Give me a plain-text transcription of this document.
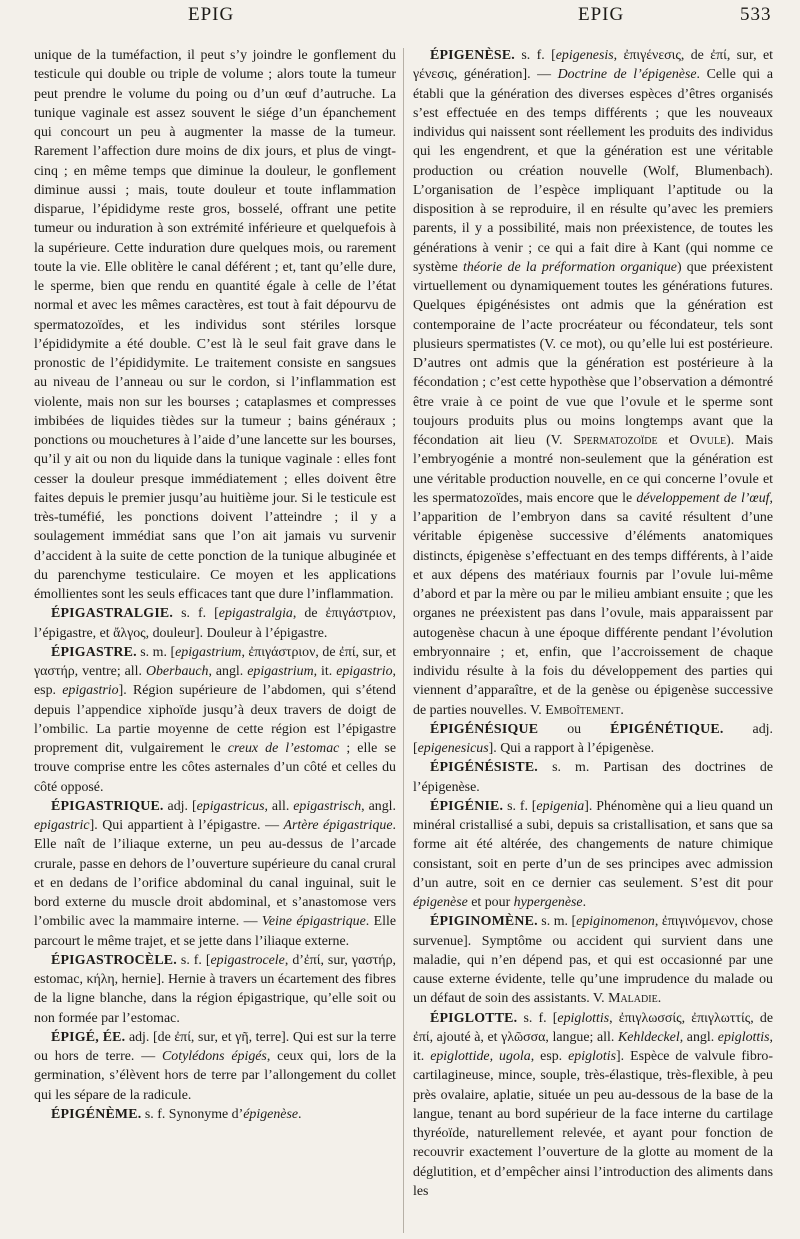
EPIG	EPIG	533

unique de la tuméfaction, il peut s’y joindre le gonflement du testicule qui double ou triple de volume ; alors toute la tumeur peut prendre le volume du poing ou d’un œuf d’autruche. La tunique vaginale est assez souvent le siége d’un épanchement qui concourt un peu à augmenter la masse de la tumeur. Rarement l’affection dure moins de dix jours, et plus de vingt-cinq ; en même temps que diminue la douleur, le gonflement diminue aussi ; mais, toute douleur et toute inflammation disparue, l’épididyme reste gros, bosselé, offrant une petite tumeur ou induration à son extrémité inférieure et quelquefois à la supérieure. Cette induration dure quelques mois, ou rarement toute la vie. Elle oblitère le canal déférent ; et, tant qu’elle dure, le sperme, bien que rendu en quantité égale à celle de l’état normal et avec les mêmes caractères, est tout à fait dépourvu de spermatozoïdes, et les individus sont stériles lorsque l’épididymite a été double. C’est là le seul fait grave dans le pronostic de l’épididymite. Le traitement consiste en sangsues au niveau de l’anneau ou sur le cordon, si l’inflammation est violente, mais non sur les bourses ; cataplasmes et compresses imbibées de liquides tièdes sur la tumeur ; bains généraux ; ponctions ou mouchetures à l’aide d’une lancette sur les bourses, qu’il y ait ou non du liquide dans la tunique vaginale : elles font cesser la douleur presque immédiatement ; elles doivent être faites depuis le premier jusqu’au huitième jour. Si le testicule est très-tuméfié, les ponctions doivent l’atteindre ; il y a soulagement immédiat sans que l’on ait jamais vu survenir d’accident à la suite de cette ponction de la tunique albuginée et du parenchyme testiculaire. Ce moyen et les applications émollientes sont les seuls efficaces tant que dure l’inflammation.

ÉPIGASTRALGIE. s. f. [epigastralgia, de ἐπιγάστριον, l’épigastre, et ἄλγος, douleur]. Douleur à l’épigastre.

ÉPIGASTRE. s. m. [epigastrium, ἐπιγάστριον, de ἐπί, sur, et γαστήρ, ventre; all. Oberbauch, angl. epigastrium, it. epigastrio, esp. epigastrio]. Région supérieure de l’abdomen, qui s’étend depuis l’appendice xiphoïde jusqu’à deux travers de doigt de l’ombilic. La partie moyenne de cette région est l’épigastre proprement dit, vulgairement le creux de l’estomac ; elle se trouve comprise entre les côtes asternales d’un côté et celles du côté opposé.

ÉPIGASTRIQUE. adj. [epigastricus, all. epigastrisch, angl. epigastric]. Qui appartient à l’épigastre. — Artère épigastrique. Elle naît de l’iliaque externe, un peu au-dessus de l’arcade crurale, passe en dehors de l’ouverture supérieure du canal crural et en dedans de l’orifice abdominal du canal inguinal, suit le bord externe du muscle droit abdominal, et s’anastomose vers l’ombilic avec la mammaire interne. — Veine épigastrique. Elle parcourt le même trajet, et se jette dans l’iliaque externe.

ÉPIGASTROCÈLE. s. f. [epigastrocele, d’ἐπί, sur, γαστήρ, estomac, κήλη, hernie]. Hernie à travers un écartement des fibres de la ligne blanche, dans la région épigastrique, qu’elle soit ou non formée par l’estomac.

ÉPIGÉ, ÉE. adj. [de ἐπί, sur, et γῆ, terre]. Qui est sur la terre ou hors de terre. — Cotylédons épigés, ceux qui, lors de la germination, s’élèvent hors de terre par l’allongement du collet qui les sépare de la radicule.

ÉPIGÉNÈME. s. f. Synonyme d’épigenèse.

ÉPIGENÈSE. s. f. [epigenesis, ἐπιγένεσις, de ἐπί, sur, et γένεσις, génération]. — Doctrine de l’épigenèse. Celle qui a établi que la génération des diverses espèces d’êtres organisés s’est effectuée en des temps différents ; que les nouveaux individus qui naissent sont réellement les produits des individus qui les engendrent, et que la génération est une véritable production ou création nouvelle (Wolf, Blumenbach). L’organisation de l’espèce impliquant l’aptitude ou la disposition à se reproduire, il en résulte qu’avec les premiers parents, il y a possibilité, mais non préexistence, de toutes les générations à venir ; ce qui a fait dire à Kant (qui nomme ce système théorie de la préformation organique) que préexistent virtuellement ou dynamiquement toutes les générations futures. Quelques épigénésistes ont admis que la génération est contemporaine de l’acte procréateur ou fécondateur, tels sont plusieurs spermatistes (V. ce mot), ou qu’elle lui est postérieure. D’autres ont admis que la génération est postérieure à la fécondation ; c’est cette hypothèse que l’observation a démontré être vraie à ce point de vue que l’ovule et le sperme sont toujours produits plus ou moins longtemps avant que la fécondation ait lieu (V. Spermatozoïde et Ovule). Mais l’embryogénie a montré non-seulement que la génération est une véritable production nouvelle, en ce qui concerne l’ovule et les spermatozoïdes, mais encore que le développement de l’œuf, l’apparition de l’embryon dans sa cavité résultent d’une véritable épigenèse successive d’éléments anatomiques distincts, épigenèse s’effectuant en des temps différents, à l’aide et aux dépens des matériaux fournis par l’ovule lui-même d’abord et par la mère ou par le milieu ambiant ensuite ; que les organes ne préexistent pas dans l’ovule, mais apparaissent par autogenèse chacun à une époque différente pendant l’évolution embryonnaire ; et, enfin, que l’accroissement de chaque individu résulte à la fois du développement des parties qui viennent d’apparaître, et de la genèse ou épigenèse successive de parties nouvelles. V. Emboîtement.

ÉPIGÉNÉSIQUE ou ÉPIGÉNÉTIQUE. adj. [epigenesicus]. Qui a rapport à l’épigenèse.

ÉPIGÉNÉSISTE. s. m. Partisan des doctrines de l’épigenèse.

ÉPIGÉNIE. s. f. [epigenia]. Phénomène qui a lieu quand un minéral cristallisé a subi, depuis sa cristallisation, et sans que sa forme ait été altérée, des changements de nature chimique consistant, soit en perte d’un de ses principes avec admission d’un autre, soit en ce dernier cas seulement. S’est dit pour épigenèse et pour hypergenèse.

ÉPIGINOMÈNE. s. m. [epiginomenon, ἐπιγινόμενον, chose survenue]. Symptôme ou accident qui survient dans une maladie, qui n’en dépend pas, et qui est occasionné par une cause externe évidente, telle qu’une imprudence du malade ou un défaut de soin des assistants. V. Maladie.

ÉPIGLOTTE. s. f. [epiglottis, ἐπιγλωσσίς, ἐπιγλωττίς, de ἐπί, ajouté à, et γλῶσσα, langue; all. Kehldeckel, angl. epiglottis, it. epiglottide, ugola, esp. epiglotis]. Espèce de valvule fibro-cartilagineuse, mince, souple, très-élastique, très-flexible, à peu près ovalaire, aplatie, située un peu au-dessous de la base de la langue, tenant au bord supérieur de la face interne du cartilage thyréoïde, naturellement relevée, et ayant pour fonction de recouvrir exactement l’ouverture de la glotte au moment de la déglutition, et d’empêcher ainsi l’introduction des aliments dans les
